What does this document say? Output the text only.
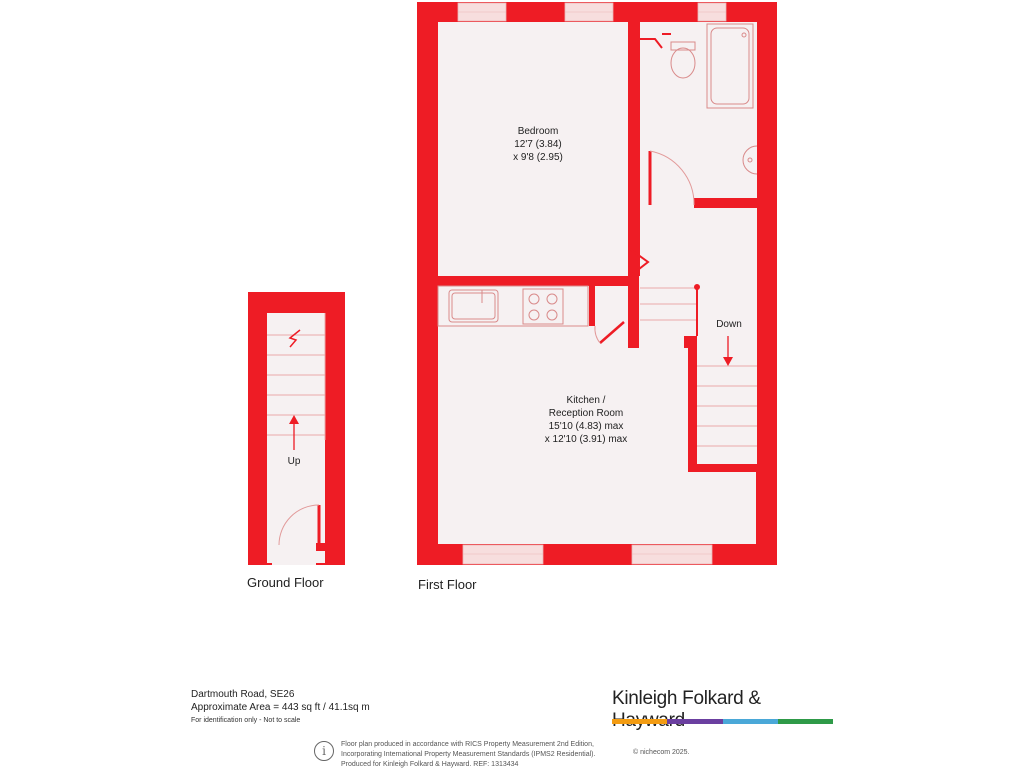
Up
Down
Bedroom
12'7 (3.84)
x 9'8 (2.95)
Kitchen /
Reception Room
15'10 (4.83) max
x 12'10 (3.91) max
Ground Floor	First Floor
Dartmouth Road, SE26
Approximate Area = 443 sq ft / 41.1sq m
For identification only - Not to scale
Kinleigh Folkard &
i	Floor plan produced in accordance with RICS Property Measurement 2nd Edition,
Incorporating International Property Measurement Standards (IPMS2 Residential).
Produced for Kinleigh Folkard & Hayward. REF: 1313434
© nichecom 2025.
